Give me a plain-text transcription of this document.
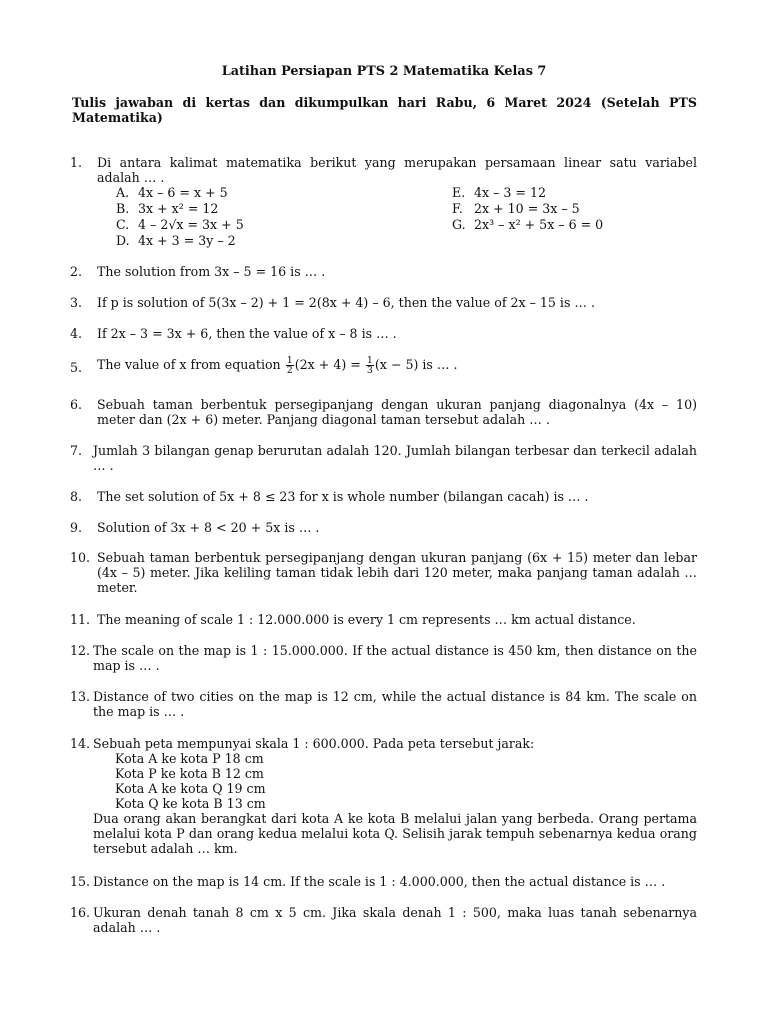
Latihan Persiapan PTS 2 Matematika Kelas 7
Tulis jawaban di kertas dan dikumpulkan hari Rabu, 6 Maret 2024 (Setelah PTS Matematika)
1. Di antara kalimat matematika berikut yang merupakan persamaan linear satu variabel adalah … .
A. 4x – 6 = x + 5
B. 3x + x² = 12
C. 4 – 2√x = 3x + 5
D. 4x + 3 = 3y – 2
E. 4x – 3 = 12
F. 2x + 10 = 3x – 5
G. 2x³ – x² + 5x – 6 = 0
2. The solution from 3x – 5 = 16 is … .
3. If p is solution of 5(3x – 2) + 1 = 2(8x + 4) – 6, then the value of 2x – 15 is … .
4. If 2x – 3 = 3x + 6, then the value of x – 8 is … .
5. The value of x from equation $\frac{1}{2} (2x + 4) = \frac{1}{3} (x - 5)$ is … .
6. Sebuah taman berbentuk persegipanjang dengan ukuran panjang diagonalnya (4x – 10) meter dan (2x + 6) meter. Panjang diagonal taman tersebut adalah … .
7. Jumlah 3 bilangan genap berurutan adalah 120. Jumlah bilangan terbesar dan terkecil adalah … .
8. The set solution of 5x + 8 ≤ 23 for x is whole number (bilangan cacah) is … .
9. Solution of 3x + 8 < 20 + 5x is … .
10. Sebuah taman berbentuk persegipanjang dengan ukuran panjang (6x + 15) meter dan lebar (4x – 5) meter. Jika keliling taman tidak lebih dari 120 meter, maka panjang taman adalah … meter.
11. The meaning of scale 1 : 12.000.000 is every 1 cm represents … km actual distance.
12. The scale on the map is 1 : 15.000.000. If the actual distance is 450 km, then distance on the map is … .
13. Distance of two cities on the map is 12 cm, while the actual distance is 84 km. The scale on the map is … .
14. Sebuah peta mempunyai skala 1 : 600.000. Pada peta tersebut jarak:
Kota A ke kota P 18 cm
Kota P ke kota B 12 cm
Kota A ke kota Q 19 cm
Kota Q ke kota B 13 cm
Dua orang akan berangkat dari kota A ke kota B melalui jalan yang berbeda. Orang pertama melalui kota P dan orang kedua melalui kota Q. Selisih jarak tempuh sebenarnya kedua orang tersebut adalah … km.
15. Distance on the map is 14 cm. If the scale is 1 : 4.000.000, then the actual distance is … .
16. Ukuran denah tanah 8 cm x 5 cm. Jika skala denah 1 : 500, maka luas tanah sebenarnya adalah … .
